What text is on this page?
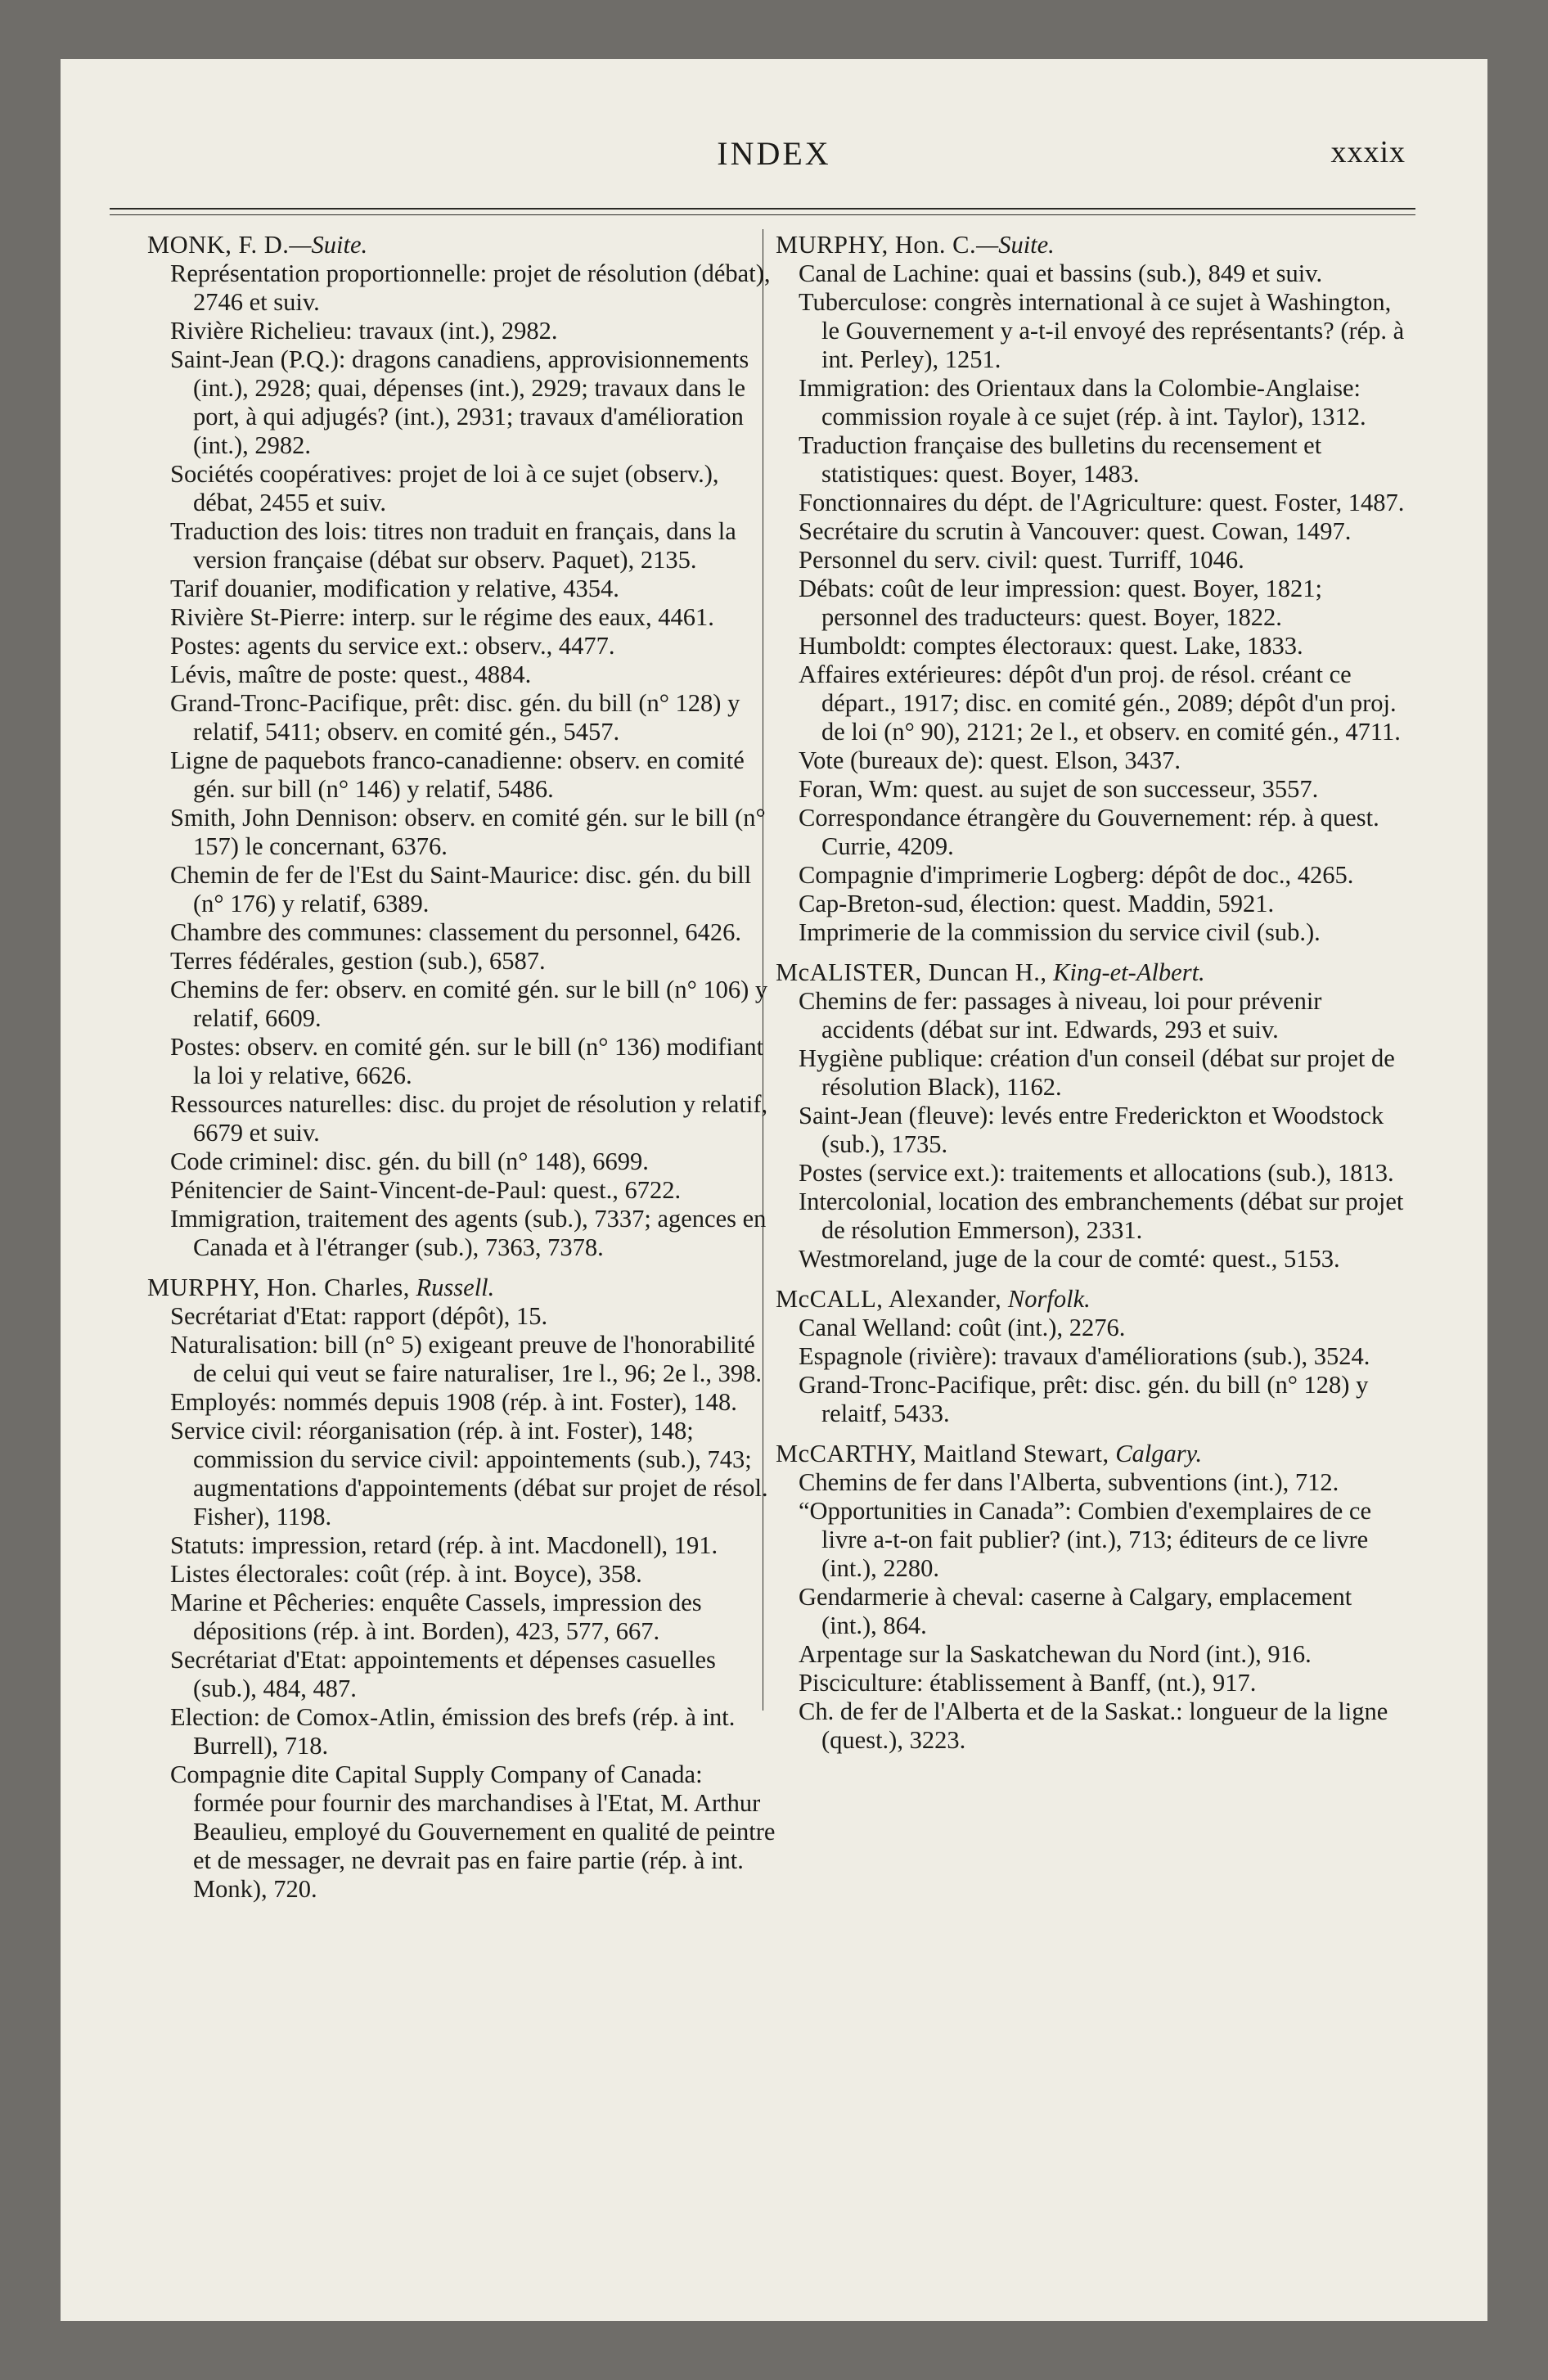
INDEX	xxxix

MONK, F. D.—Suite.

Représentation proportionnelle: projet de résolution (débat), 2746 et suiv.

Rivière Richelieu: travaux (int.), 2982.

Saint-Jean (P.Q.): dragons canadiens, approvisionnements (int.), 2928; quai, dépenses (int.), 2929; travaux dans le port, à qui adjugés? (int.), 2931; travaux d'amélioration (int.), 2982.

Sociétés coopératives: projet de loi à ce sujet (observ.), débat, 2455 et suiv.

Traduction des lois: titres non traduit en français, dans la version française (débat sur observ. Paquet), 2135.

Tarif douanier, modification y relative, 4354.

Rivière St-Pierre: interp. sur le régime des eaux, 4461.

Postes: agents du service ext.: observ., 4477.

Lévis, maître de poste: quest., 4884.

Grand-Tronc-Pacifique, prêt: disc. gén. du bill (n° 128) y relatif, 5411; observ. en comité gén., 5457.

Ligne de paquebots franco-canadienne: observ. en comité gén. sur bill (n° 146) y relatif, 5486.

Smith, John Dennison: observ. en comité gén. sur le bill (n° 157) le concernant, 6376.

Chemin de fer de l'Est du Saint-Maurice: disc. gén. du bill (n° 176) y relatif, 6389.

Chambre des communes: classement du personnel, 6426.

Terres fédérales, gestion (sub.), 6587.

Chemins de fer: observ. en comité gén. sur le bill (n° 106) y relatif, 6609.

Postes: observ. en comité gén. sur le bill (n° 136) modifiant la loi y relative, 6626.

Ressources naturelles: disc. du projet de résolution y relatif, 6679 et suiv.

Code criminel: disc. gén. du bill (n° 148), 6699.

Pénitencier de Saint-Vincent-de-Paul: quest., 6722.

Immigration, traitement des agents (sub.), 7337; agences en Canada et à l'étranger (sub.), 7363, 7378.

MURPHY, Hon. Charles, Russell.

Secrétariat d'Etat: rapport (dépôt), 15.

Naturalisation: bill (n° 5) exigeant preuve de l'honorabilité de celui qui veut se faire naturaliser, 1re l., 96; 2e l., 398.

Employés: nommés depuis 1908 (rép. à int. Foster), 148.

Service civil: réorganisation (rép. à int. Foster), 148; commission du service civil: appointements (sub.), 743; augmentations d'appointements (débat sur projet de résol. Fisher), 1198.

Statuts: impression, retard (rép. à int. Macdonell), 191.

Listes électorales: coût (rép. à int. Boyce), 358.

Marine et Pêcheries: enquête Cassels, impression des dépositions (rép. à int. Borden), 423, 577, 667.

Secrétariat d'Etat: appointements et dépenses casuelles (sub.), 484, 487.

Election: de Comox-Atlin, émission des brefs (rép. à int. Burrell), 718.

Compagnie dite Capital Supply Company of Canada: formée pour fournir des marchandises à l'Etat, M. Arthur Beaulieu, employé du Gouvernement en qualité de peintre et de messager, ne devrait pas en faire partie (rép. à int. Monk), 720.

MURPHY, Hon. C.—Suite.

Canal de Lachine: quai et bassins (sub.), 849 et suiv.

Tuberculose: congrès international à ce sujet à Washington, le Gouvernement y a-t-il envoyé des représentants? (rép. à int. Perley), 1251.

Immigration: des Orientaux dans la Colombie-Anglaise: commission royale à ce sujet (rép. à int. Taylor), 1312.

Traduction française des bulletins du recensement et statistiques: quest. Boyer, 1483.

Fonctionnaires du dépt. de l'Agriculture: quest. Foster, 1487.

Secrétaire du scrutin à Vancouver: quest. Cowan, 1497.

Personnel du serv. civil: quest. Turriff, 1046.

Débats: coût de leur impression: quest. Boyer, 1821; personnel des traducteurs: quest. Boyer, 1822.

Humboldt: comptes électoraux: quest. Lake, 1833.

Affaires extérieures: dépôt d'un proj. de résol. créant ce départ., 1917; disc. en comité gén., 2089; dépôt d'un proj. de loi (n° 90), 2121; 2e l., et observ. en comité gén., 4711.

Vote (bureaux de): quest. Elson, 3437.

Foran, Wm: quest. au sujet de son successeur, 3557.

Correspondance étrangère du Gouvernement: rép. à quest. Currie, 4209.

Compagnie d'imprimerie Logberg: dépôt de doc., 4265.

Cap-Breton-sud, élection: quest. Maddin, 5921.

Imprimerie de la commission du service civil (sub.).

McALISTER, Duncan H., King-et-Albert.

Chemins de fer: passages à niveau, loi pour prévenir accidents (débat sur int. Edwards, 293 et suiv.

Hygiène publique: création d'un conseil (débat sur projet de résolution Black), 1162.

Saint-Jean (fleuve): levés entre Frederickton et Woodstock (sub.), 1735.

Postes (service ext.): traitements et allocations (sub.), 1813.

Intercolonial, location des embranchements (débat sur projet de résolution Emmerson), 2331.

Westmoreland, juge de la cour de comté: quest., 5153.

McCALL, Alexander, Norfolk.

Canal Welland: coût (int.), 2276.

Espagnole (rivière): travaux d'améliorations (sub.), 3524.

Grand-Tronc-Pacifique, prêt: disc. gén. du bill (n° 128) y relaitf, 5433.

McCARTHY, Maitland Stewart, Calgary.

Chemins de fer dans l'Alberta, subventions (int.), 712.

“Opportunities in Canada”: Combien d'exemplaires de ce livre a-t-on fait publier? (int.), 713; éditeurs de ce livre (int.), 2280.

Gendarmerie à cheval: caserne à Calgary, emplacement (int.), 864.

Arpentage sur la Saskatchewan du Nord (int.), 916.

Pisciculture: établissement à Banff, (nt.), 917.

Ch. de fer de l'Alberta et de la Saskat.: longueur de la ligne (quest.), 3223.
